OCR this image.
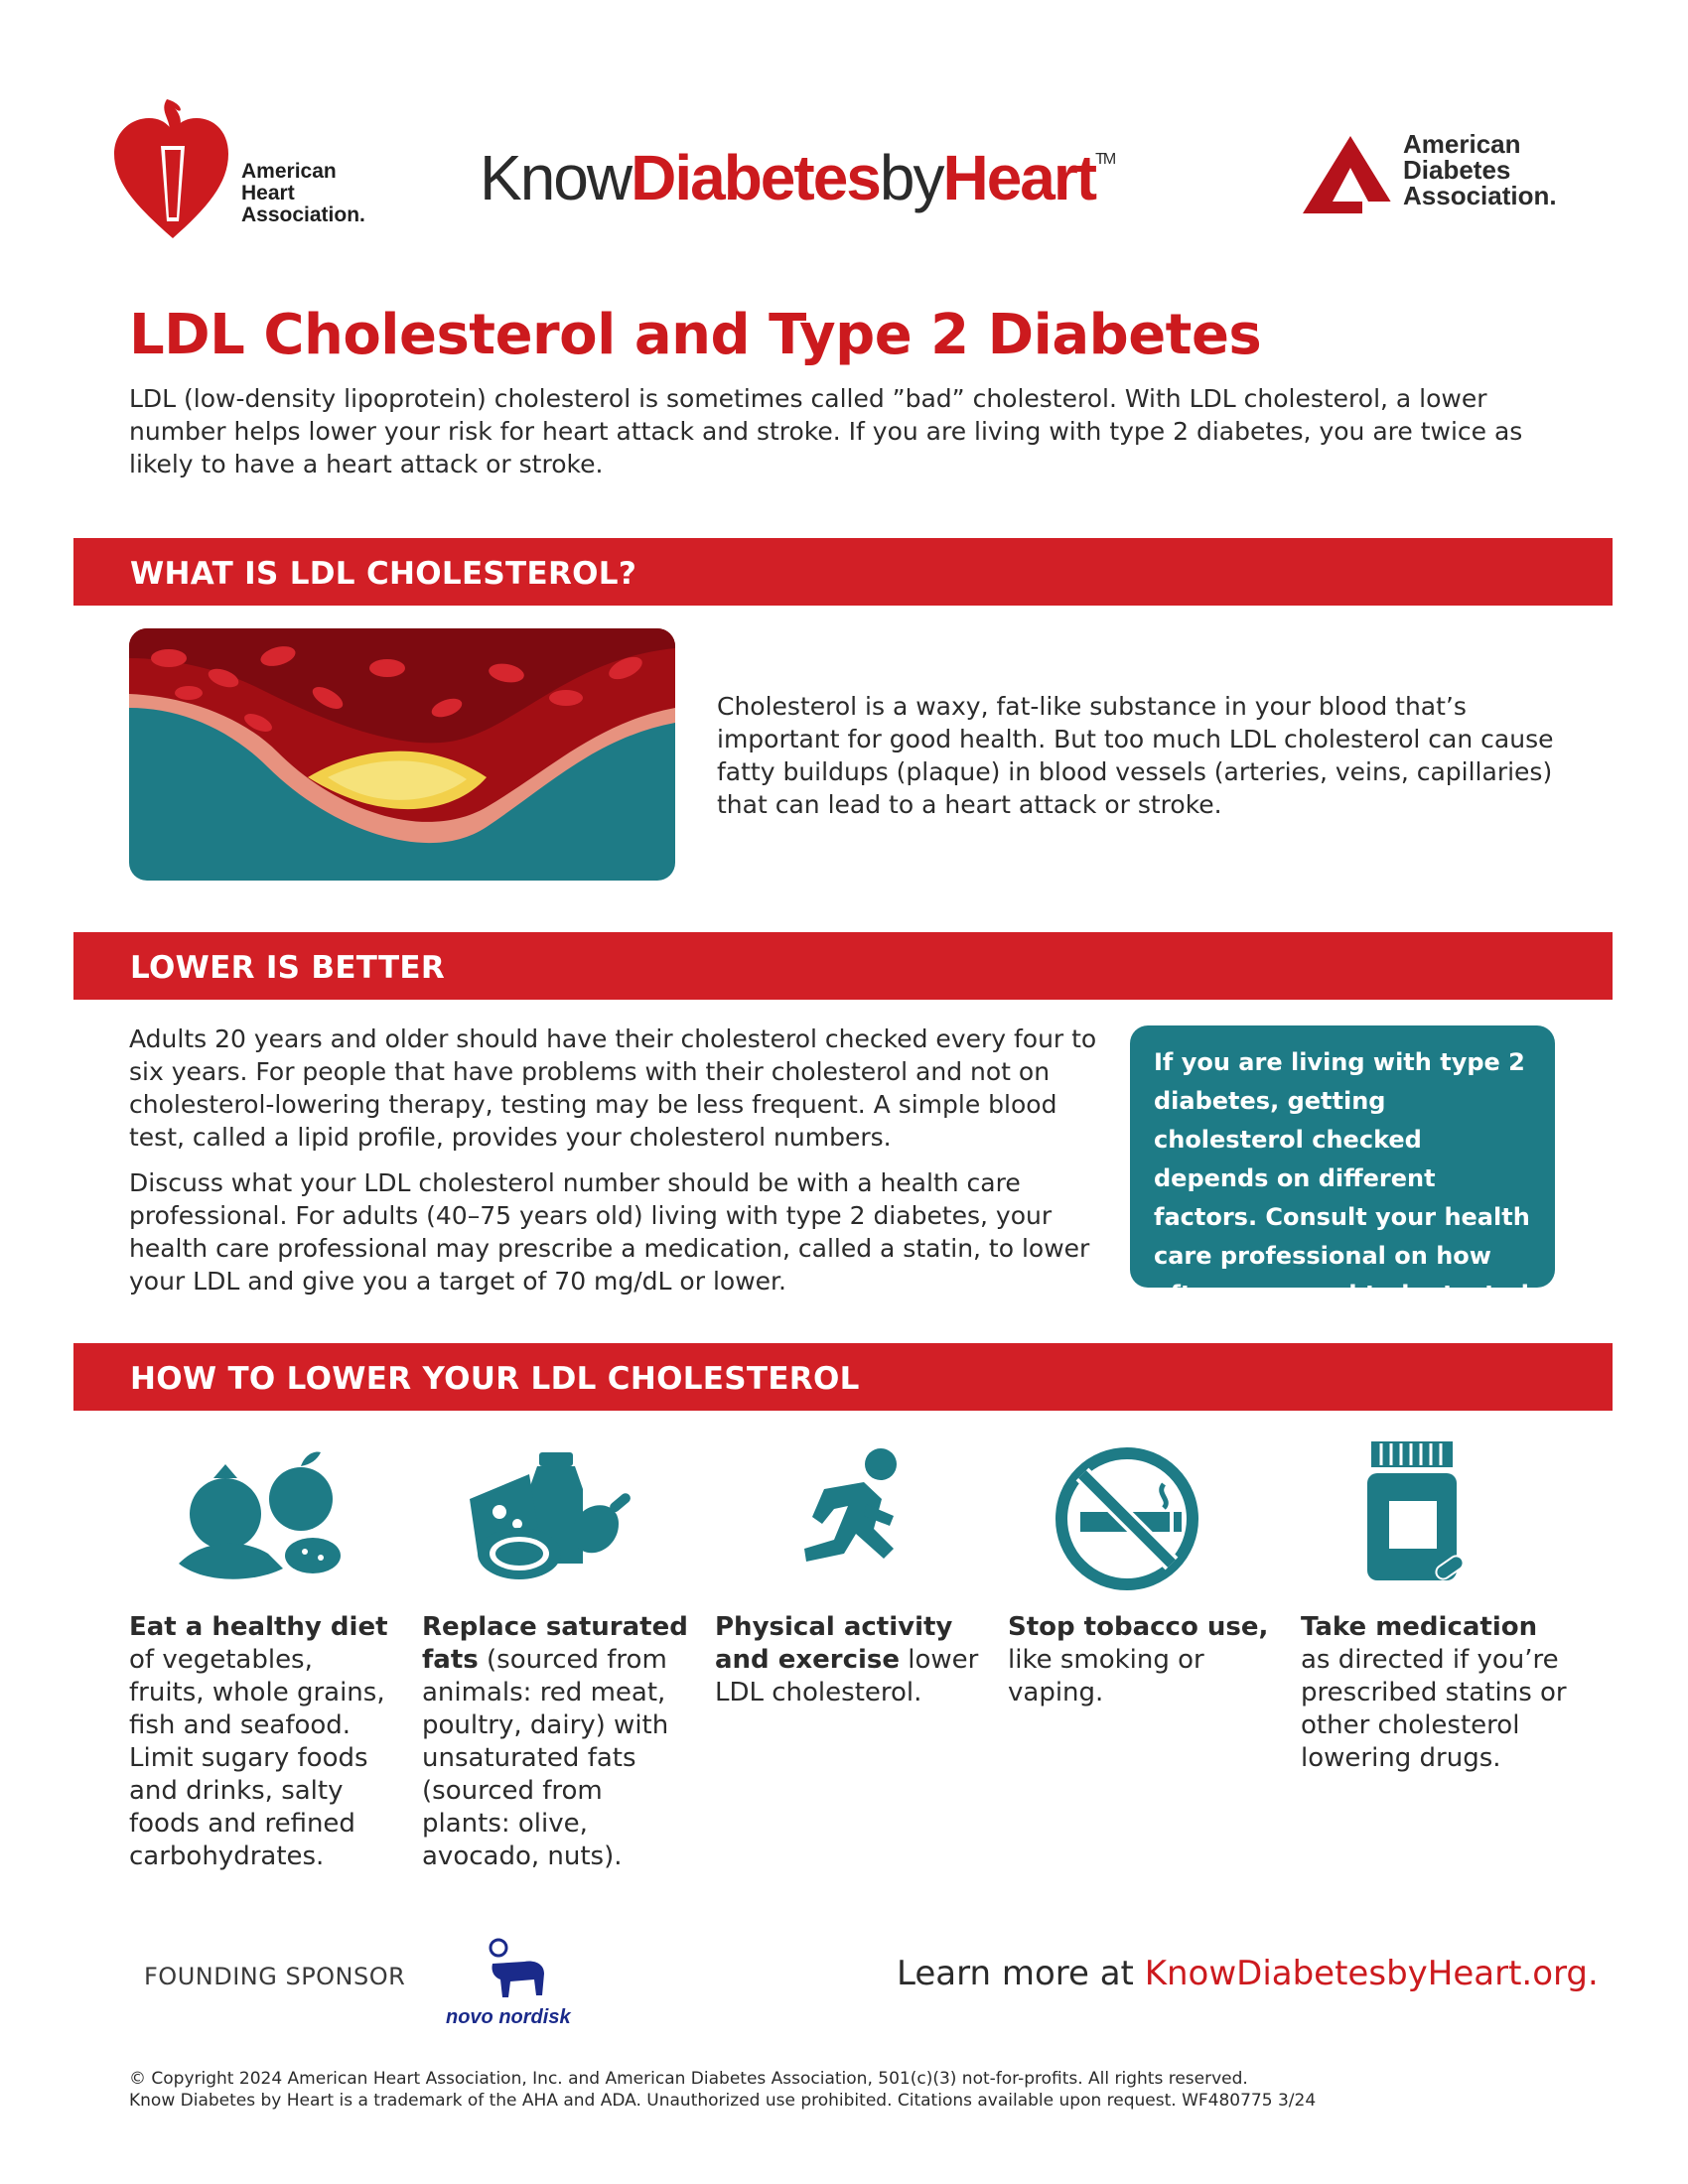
American
Heart
Association.
KnowDiabetesbyHeart™
American
Diabetes
Association.
LDL Cholesterol and Type 2 Diabetes
LDL (low-density lipoprotein) cholesterol is sometimes called ”bad” cholesterol. With LDL cholesterol, a lower number helps lower your risk for heart attack and stroke. If you are living with type 2 diabetes, you are twice as likely to have a heart attack or stroke.
WHAT IS LDL CHOLESTEROL?
Cholesterol is a waxy, fat-like substance in your blood that’s important for good health. But too much LDL cholesterol can cause fatty buildups (plaque) in blood vessels (arteries, veins, capillaries) that can lead to a heart attack or stroke.
LOWER IS BETTER
Adults 20 years and older should have their cholesterol checked every four to six years. For people that have problems with their cholesterol and not on cholesterol-lowering therapy, testing may be less frequent. A simple blood test, called a lipid profile, provides your cholesterol numbers.
Discuss what your LDL cholesterol number should be with a health care professional. For adults (40–75 years old) living with type 2 diabetes, your health care professional may prescribe a medication, called a statin, to lower your LDL and give you a target of 70 mg/dL or lower.

If you are living with type 2 diabetes, getting cholesterol checked depends on different factors. Consult your health care professional on how often you need to be tested.

HOW TO LOWER YOUR LDL CHOLESTEROL
Eat a healthy diet of vegetables, fruits, whole grains, fish and seafood. Limit sugary foods and drinks, salty foods and refined carbohydrates.
Replace saturated fats (sourced from animals: red meat, poultry, dairy) with unsaturated fats (sourced from plants: olive, avocado, nuts).
Physical activity and exercise lower LDL cholesterol.
Stop tobacco use, like smoking or vaping.
Take medication as directed if you’re prescribed statins or other cholesterol lowering drugs.
FOUNDING SPONSOR
novo nordisk
Learn more at KnowDiabetesbyHeart.org.
© Copyright 2024 American Heart Association, Inc. and American Diabetes Association, 501(c)(3) not-for-profits. All rights reserved.
Know Diabetes by Heart is a trademark of the AHA and ADA. Unauthorized use prohibited. Citations available upon request. WF480775 3/24
